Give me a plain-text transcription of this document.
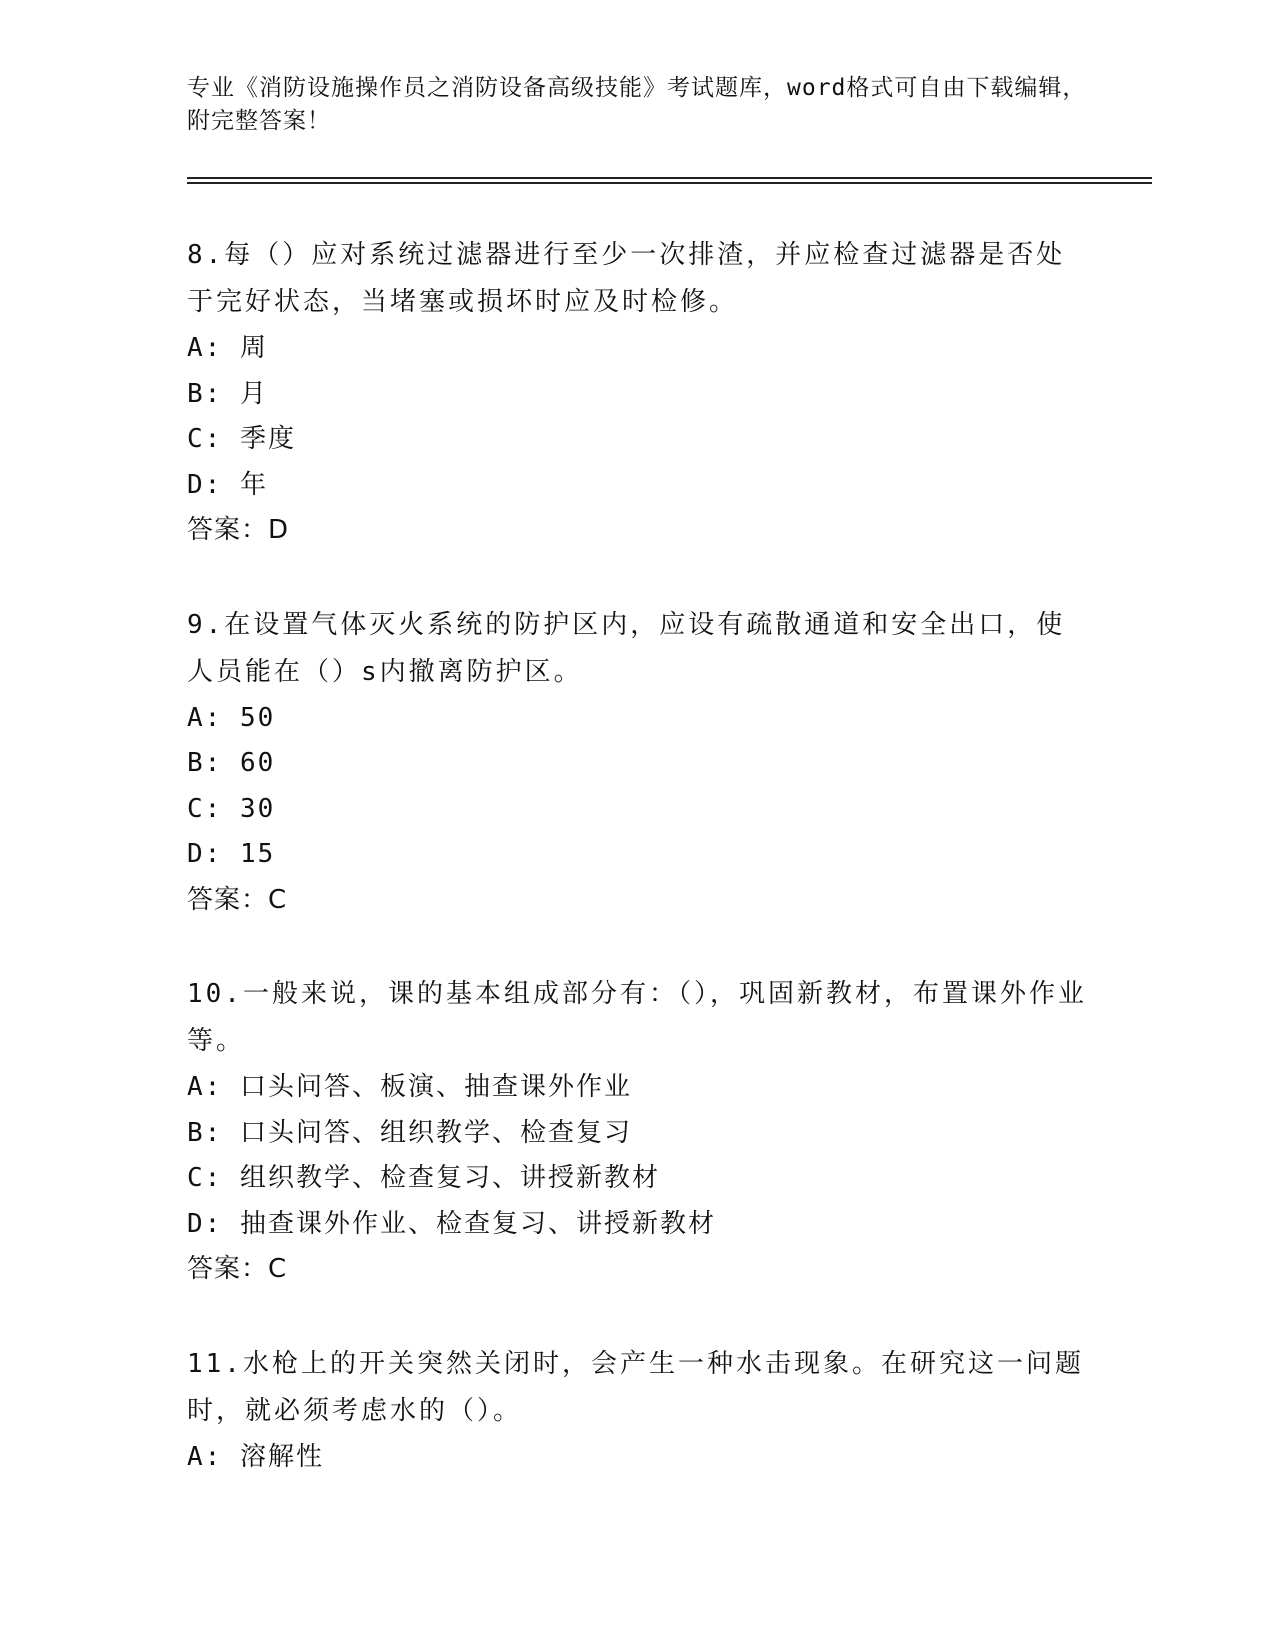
专业《消防设施操作员之消防设备高级技能》考试题库，word格式可自由下载编辑，附完整答案！

8.每（）应对系统过滤器进行至少一次排渣，并应检查过滤器是否处于完好状态，当堵塞或损坏时应及时检修。

A: 周

B: 月

C: 季度

D: 年

答案：D

9.在设置气体灭火系统的防护区内，应设有疏散通道和安全出口，使人员能在（）s内撤离防护区。

A: 50

B: 60

C: 30

D: 15

答案：C

10.一般来说，课的基本组成部分有：（），巩固新教材，布置课外作业等。

A: 口头问答、板演、抽查课外作业

B: 口头问答、组织教学、检查复习

C: 组织教学、检查复习、讲授新教材

D: 抽查课外作业、检查复习、讲授新教材

答案：C

11.水枪上的开关突然关闭时，会产生一种水击现象。在研究这一问题时，就必须考虑水的（）。

A: 溶解性
